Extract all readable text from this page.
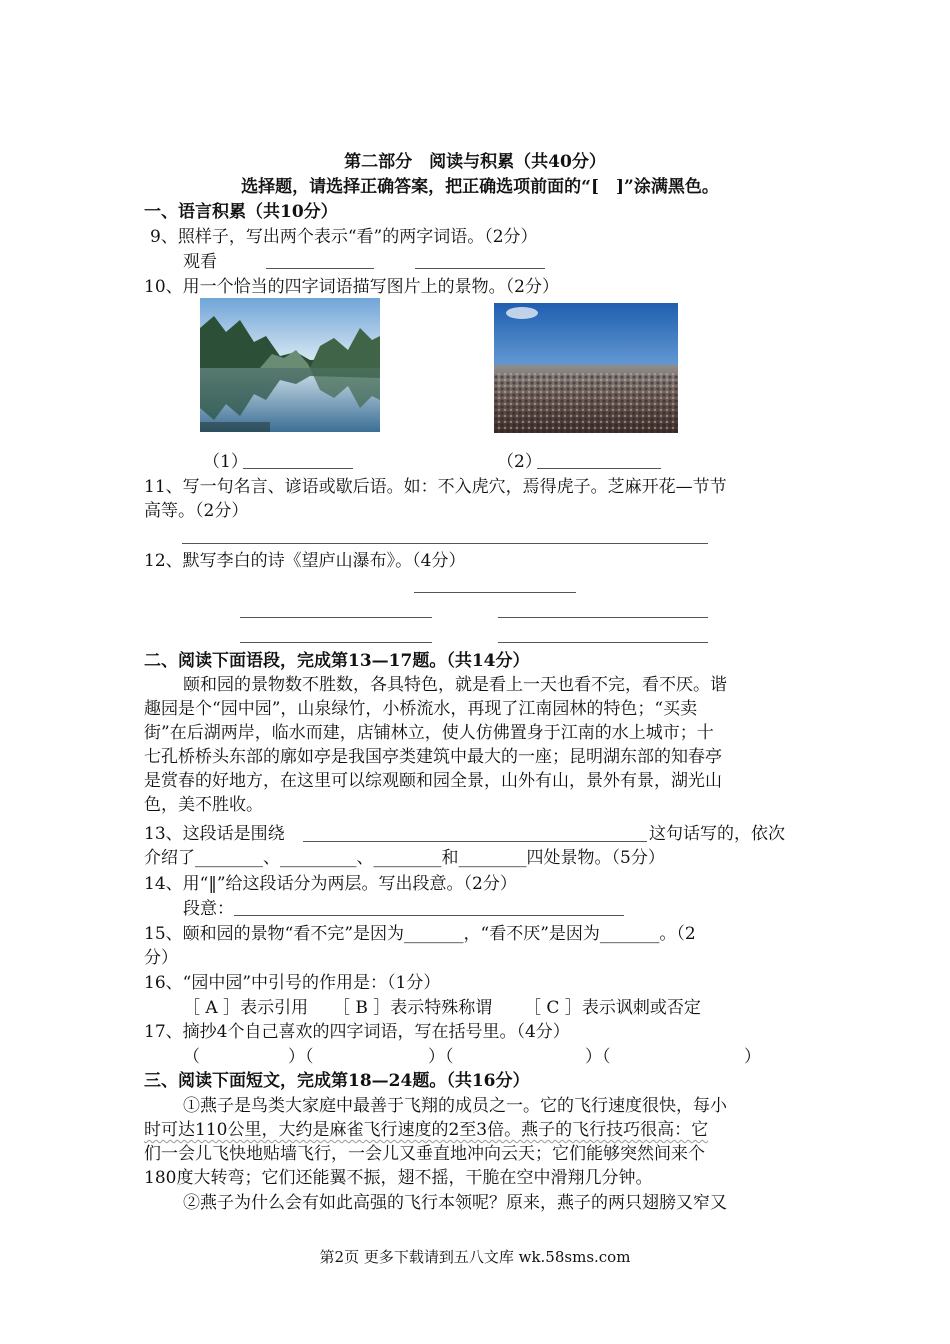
第二部分　阅读与积累（共40分）
选择题，请选择正确答案，把正确选项前面的“[　]”涂满黑色。
一、语言积累（共10分）
9、照样子，写出两个表示“看”的两字词语。（2分）
观看
10、用一个恰当的四字词语描写图片上的景物。（2分）
（1）	（2）
11、写一句名言、谚语或歇后语。如：不入虎穴，焉得虎子。芝麻开花—节节
高等。（2分）
12、默写李白的诗《望庐山瀑布》。（4分）
二、阅读下面语段，完成第13—17题。（共14分）
颐和园的景物数不胜数，各具特色，就是看上一天也看不完，看不厌。谐
趣园是个“园中园”，山泉绿竹，小桥流水，再现了江南园林的特色；“买卖
街”在后湖两岸，临水而建，店铺林立，使人仿佛置身于江南的水上城市；十
七孔桥桥头东部的廓如亭是我国亭类建筑中最大的一座；昆明湖东部的知春亭
是赏春的好地方，在这里可以综观颐和园全景，山外有山，景外有景，湖光山
色，美不胜收。
13、这段话是围绕	这句话写的，依次
介绍了________、_________、________和________四处景物。（5分）
14、用“‖”给这段话分为两层。写出段意。（2分）
段意：
15、颐和园的景物“看不完”是因为_______，“看不厌”是因为_______。（2
分）
16、“园中园”中引号的作用是：（1分）
［ A ］表示引用 ［ B ］表示特殊称谓 ［ C ］表示讽刺或否定
17、摘抄4个自己喜欢的四字词语，写在括号里。（4分）
（	）（	）（	）（	）
三、阅读下面短文，完成第18—24题。（共16分）
①燕子是鸟类大家庭中最善于飞翔的成员之一。它的飞行速度很快，每小
时可达110公里，大约是麻雀飞行速度的2至3倍。燕子的飞行技巧很高：它
们一会儿飞快地贴墙飞行，一会儿又垂直地冲向云天；它们能够突然间来个
180度大转弯；它们还能翼不振，翅不摇，干脆在空中滑翔几分钟。
②燕子为什么会有如此高强的飞行本领呢？原来，燕子的两只翅膀又窄又
第2页 更多下载请到五八文库 wk.58sms.com
